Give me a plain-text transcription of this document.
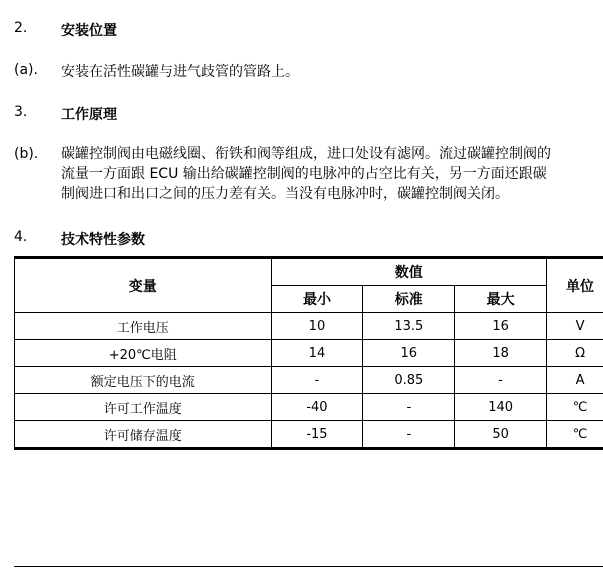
2. 安装位置
(a). 安装在活性碳罐与进气歧管的管路上。
3. 工作原理
(b). 碳罐控制阀由电磁线圈、衔铁和阀等组成，进口处设有滤网。流过碳罐控制阀的
流量一方面跟 ECU 输出给碳罐控制阀的电脉冲的占空比有关，另一方面还跟碳
制阀进口和出口之间的压力差有关。当没有电脉冲时，碳罐控制阀关闭。
4. 技术特性参数
变量	数值			单位
	最小	标准	最大	
工作电压	10	13.5	16	V
+20℃电阻	14	16	18	Ω
额定电压下的电流	-	0.85	-	A
许可工作温度	-40	-	140	℃
许可储存温度	-15	-	50	℃
